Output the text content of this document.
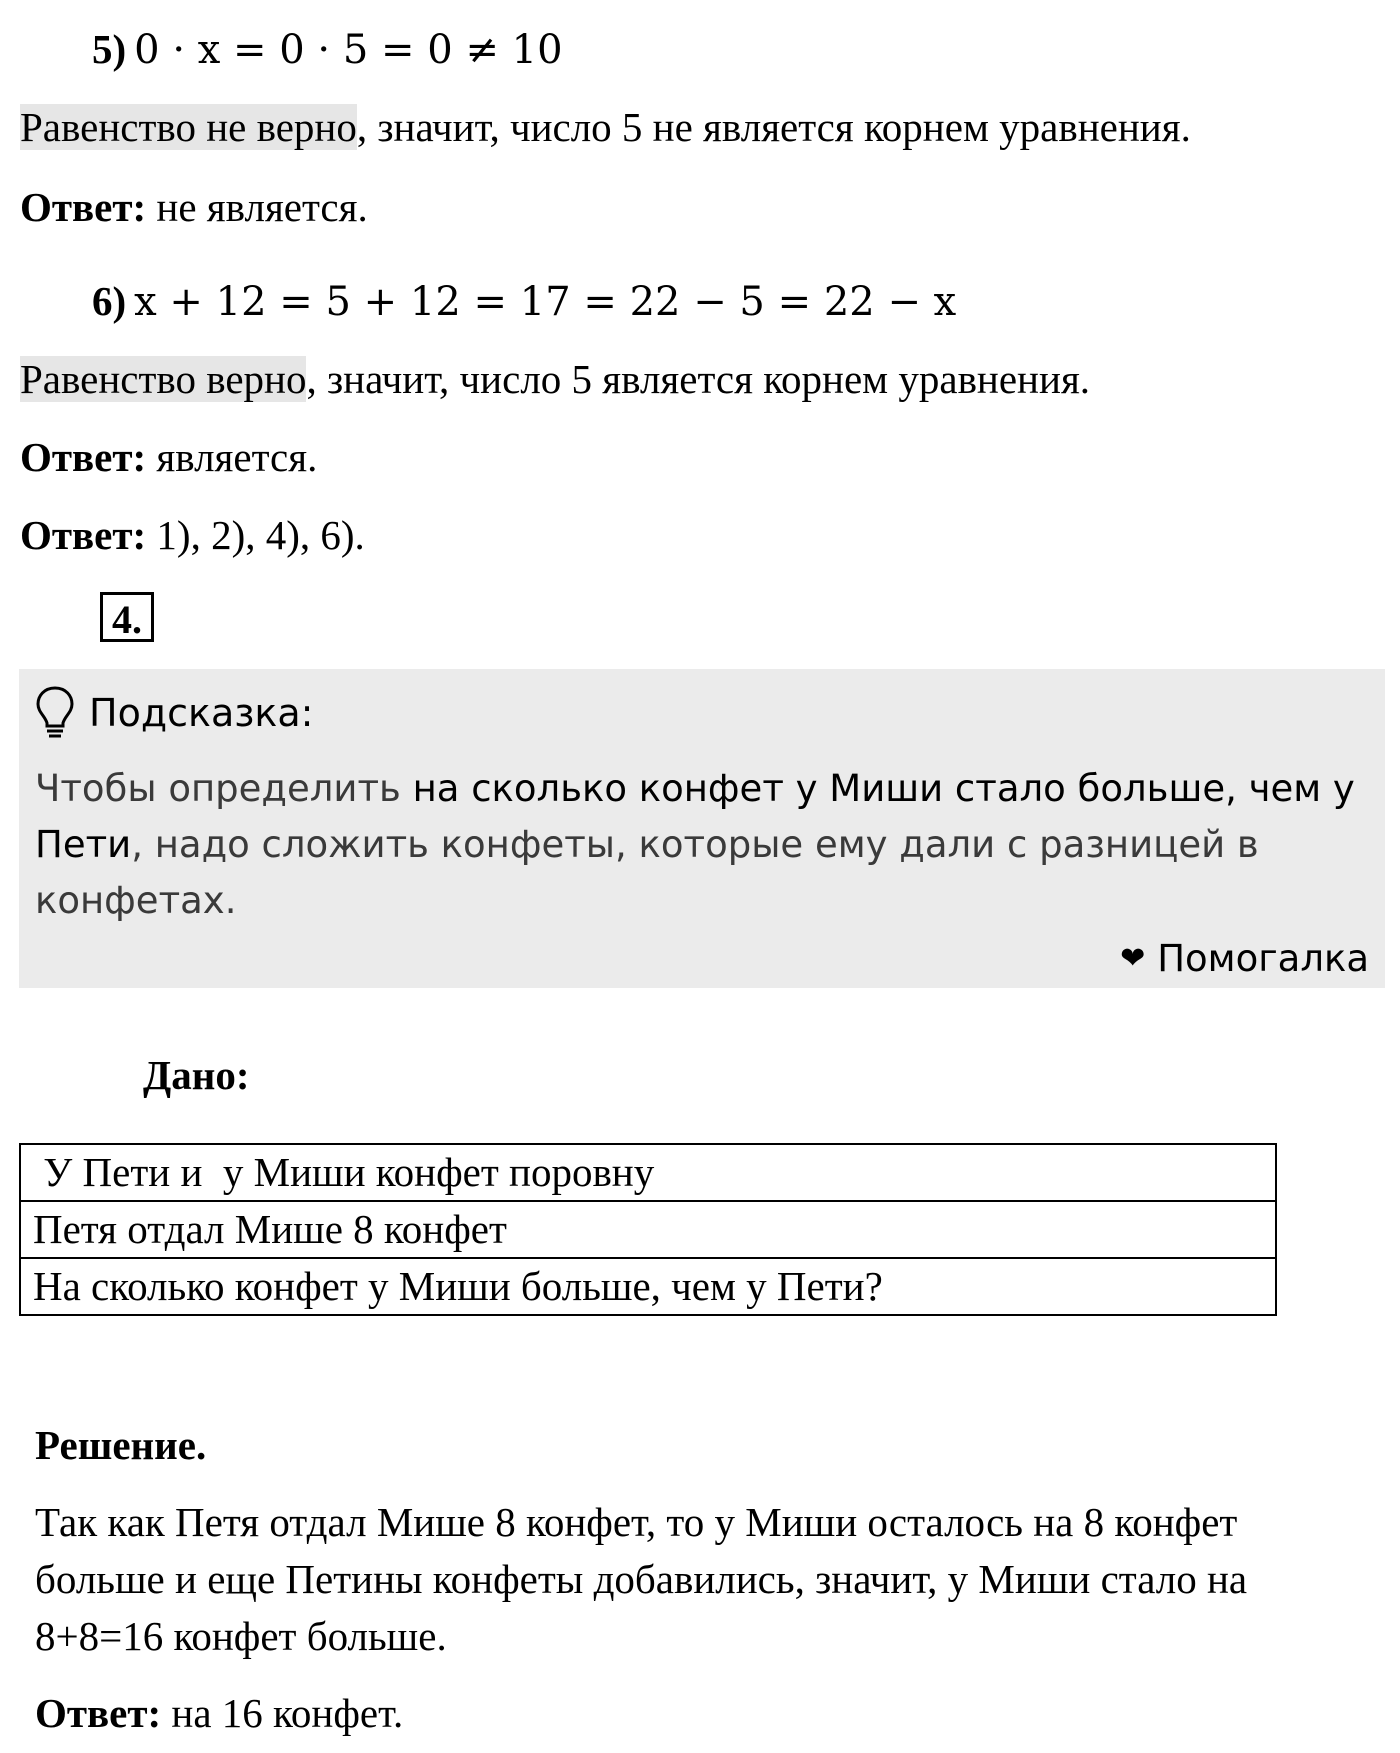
5) 0 · x = 0 · 5 = 0 ≠ 10
Равенство не верно, значит, число 5 не является корнем уравнения.
Ответ: не является.
6) x + 12 = 5 + 12 = 17 = 22 − 5 = 22 − x
Равенство верно, значит, число 5 является корнем уравнения.
Ответ: является.
Ответ: 1), 2), 4), 6).
4.
Подсказка:
Чтобы определить на сколько конфет у Миши стало больше, чем у Пети, надо сложить конфеты, которые ему дали с разницей в конфетах.
❤ Помогалка
Дано:
У Пети и  у Миши конфет поровну
Петя отдал Мише 8 конфет
На сколько конфет у Миши больше, чем у Пети?
Решение.
Так как Петя отдал Мише 8 конфет, то у Миши осталось на 8 конфет больше и еще Петины конфеты добавились, значит, у Миши стало на 8+8=16 конфет больше.
Ответ: на 16 конфет.
